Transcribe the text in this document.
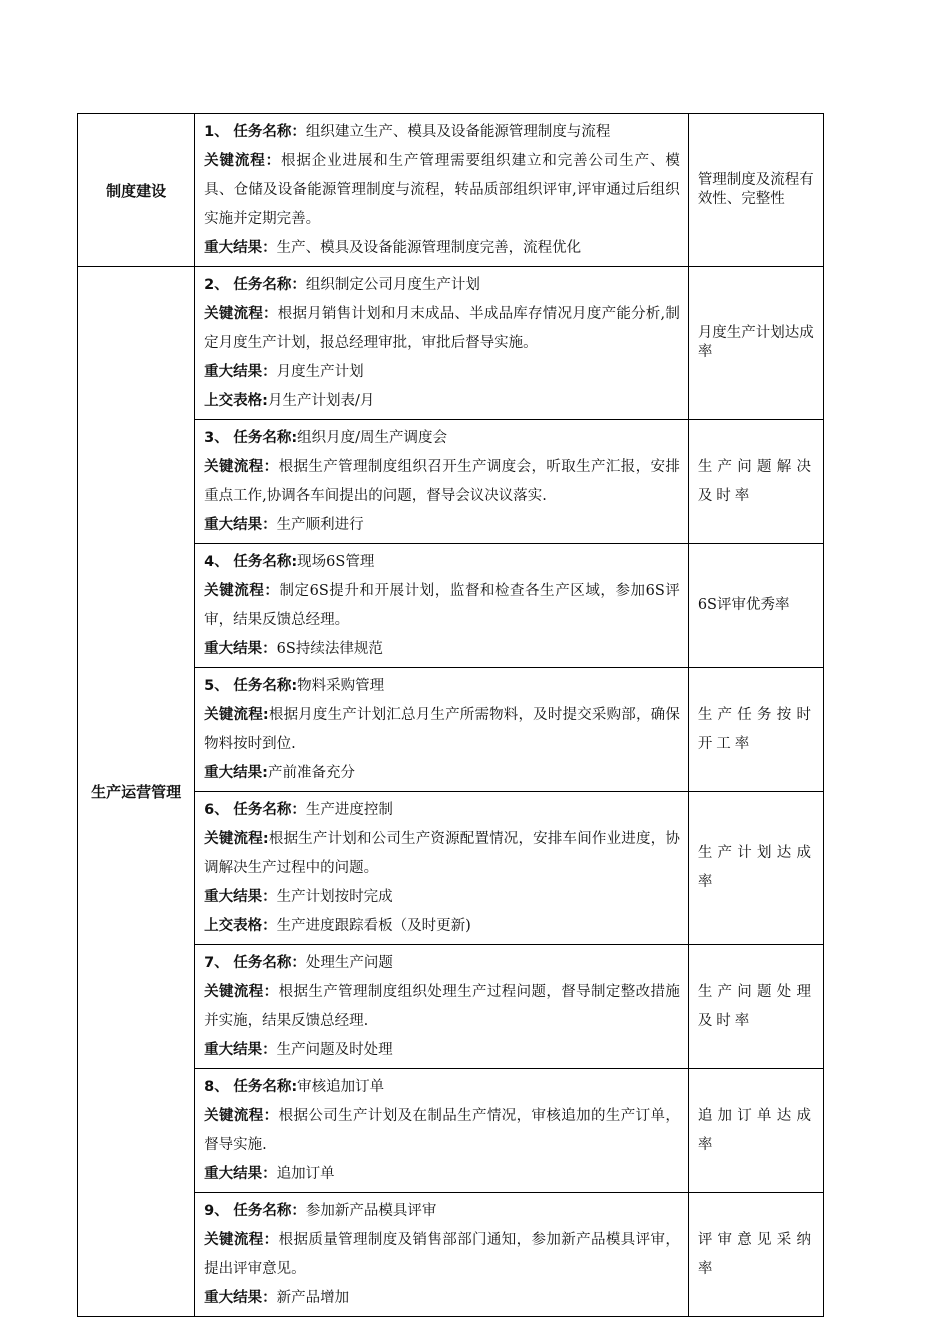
制度建设	1、 任务名称：组织建立生产、模具及设备能源管理制度与流程
关键流程：根据企业进展和生产管理需要组织建立和完善公司生产、模具、仓储及设备能源管理制度与流程，转品质部组织评审,评审通过后组织实施并定期完善。
重大结果：生产、模具及设备能源管理制度完善，流程优化	管理制度及流程有效性、完整性
生产运营管理	2、 任务名称：组织制定公司月度生产计划
关键流程：根据月销售计划和月末成品、半成品库存情况月度产能分析,制定月度生产计划，报总经理审批，审批后督导实施。
重大结果：月度生产计划
上交表格:月生产计划表/月	月度生产计划达成率

	3、 任务名称:组织月度/周生产调度会
关键流程：根据生产管理制度组织召开生产调度会，听取生产汇报，安排重点工作,协调各车间提出的问题，督导会议决议落实.
重大结果：生产顺利进行	生产问题解决及时率

	4、 任务名称:现场6S管理
关键流程：制定6S提升和开展计划，监督和检查各生产区域，参加6S评审，结果反馈总经理。
重大结果：6S持续法律规范	6S评审优秀率

	5、 任务名称:物料采购管理
关键流程:根据月度生产计划汇总月生产所需物料，及时提交采购部，确保物料按时到位.
重大结果:产前准备充分	生产任务按时开工率

	6、 任务名称：生产进度控制
关键流程:根据生产计划和公司生产资源配置情况，安排车间作业进度，协调解决生产过程中的问题。
重大结果：生产计划按时完成
上交表格：生产进度跟踪看板（及时更新)	生产计划达成率

	7、 任务名称：处理生产问题
关键流程：根据生产管理制度组织处理生产过程问题，督导制定整改措施并实施，结果反馈总经理.
重大结果：生产问题及时处理	生产问题处理及时率

	8、 任务名称:审核追加订单
关键流程：根据公司生产计划及在制品生产情况，审核追加的生产订单，督导实施.
重大结果：追加订单	追加订单达成率

	9、 任务名称：参加新产品模具评审
关键流程：根据质量管理制度及销售部部门通知，参加新产品模具评审，提出评审意见。
重大结果：新产品增加	评审意见采纳率
